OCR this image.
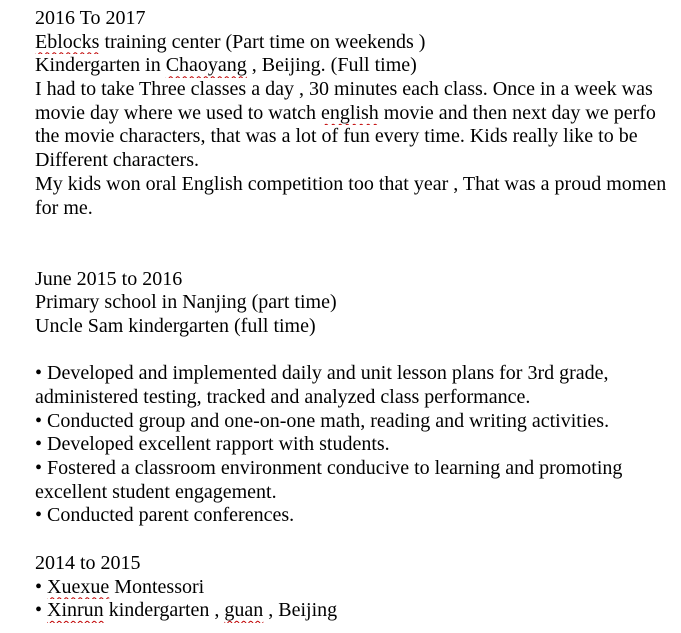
2016 To 2017
Eblocks training center (Part time on weekends )
Kindergarten in Chaoyang , Beijing. (Full time)
I had to take Three classes a day , 30 minutes each class. Once in a week was
movie day where we used to watch english movie and then next day we perfo
the movie characters, that was a lot of fun every time. Kids really like to be
Different characters.
My kids won oral English competition too that year , That was a proud momen
for me.

June 2015 to 2016
Primary school in Nanjing (part time)
Uncle Sam kindergarten (full time)

• Developed and implemented daily and unit lesson plans for 3rd grade,
administered testing, tracked and analyzed class performance.
• Conducted group and one-on-one math, reading and writing activities.
• Developed excellent rapport with students.
• Fostered a classroom environment conducive to learning and promoting
excellent student engagement.
• Conducted parent conferences.

2014 to 2015
• Xuexue Montessori
• Xinrun kindergarten , guan , Beijing
